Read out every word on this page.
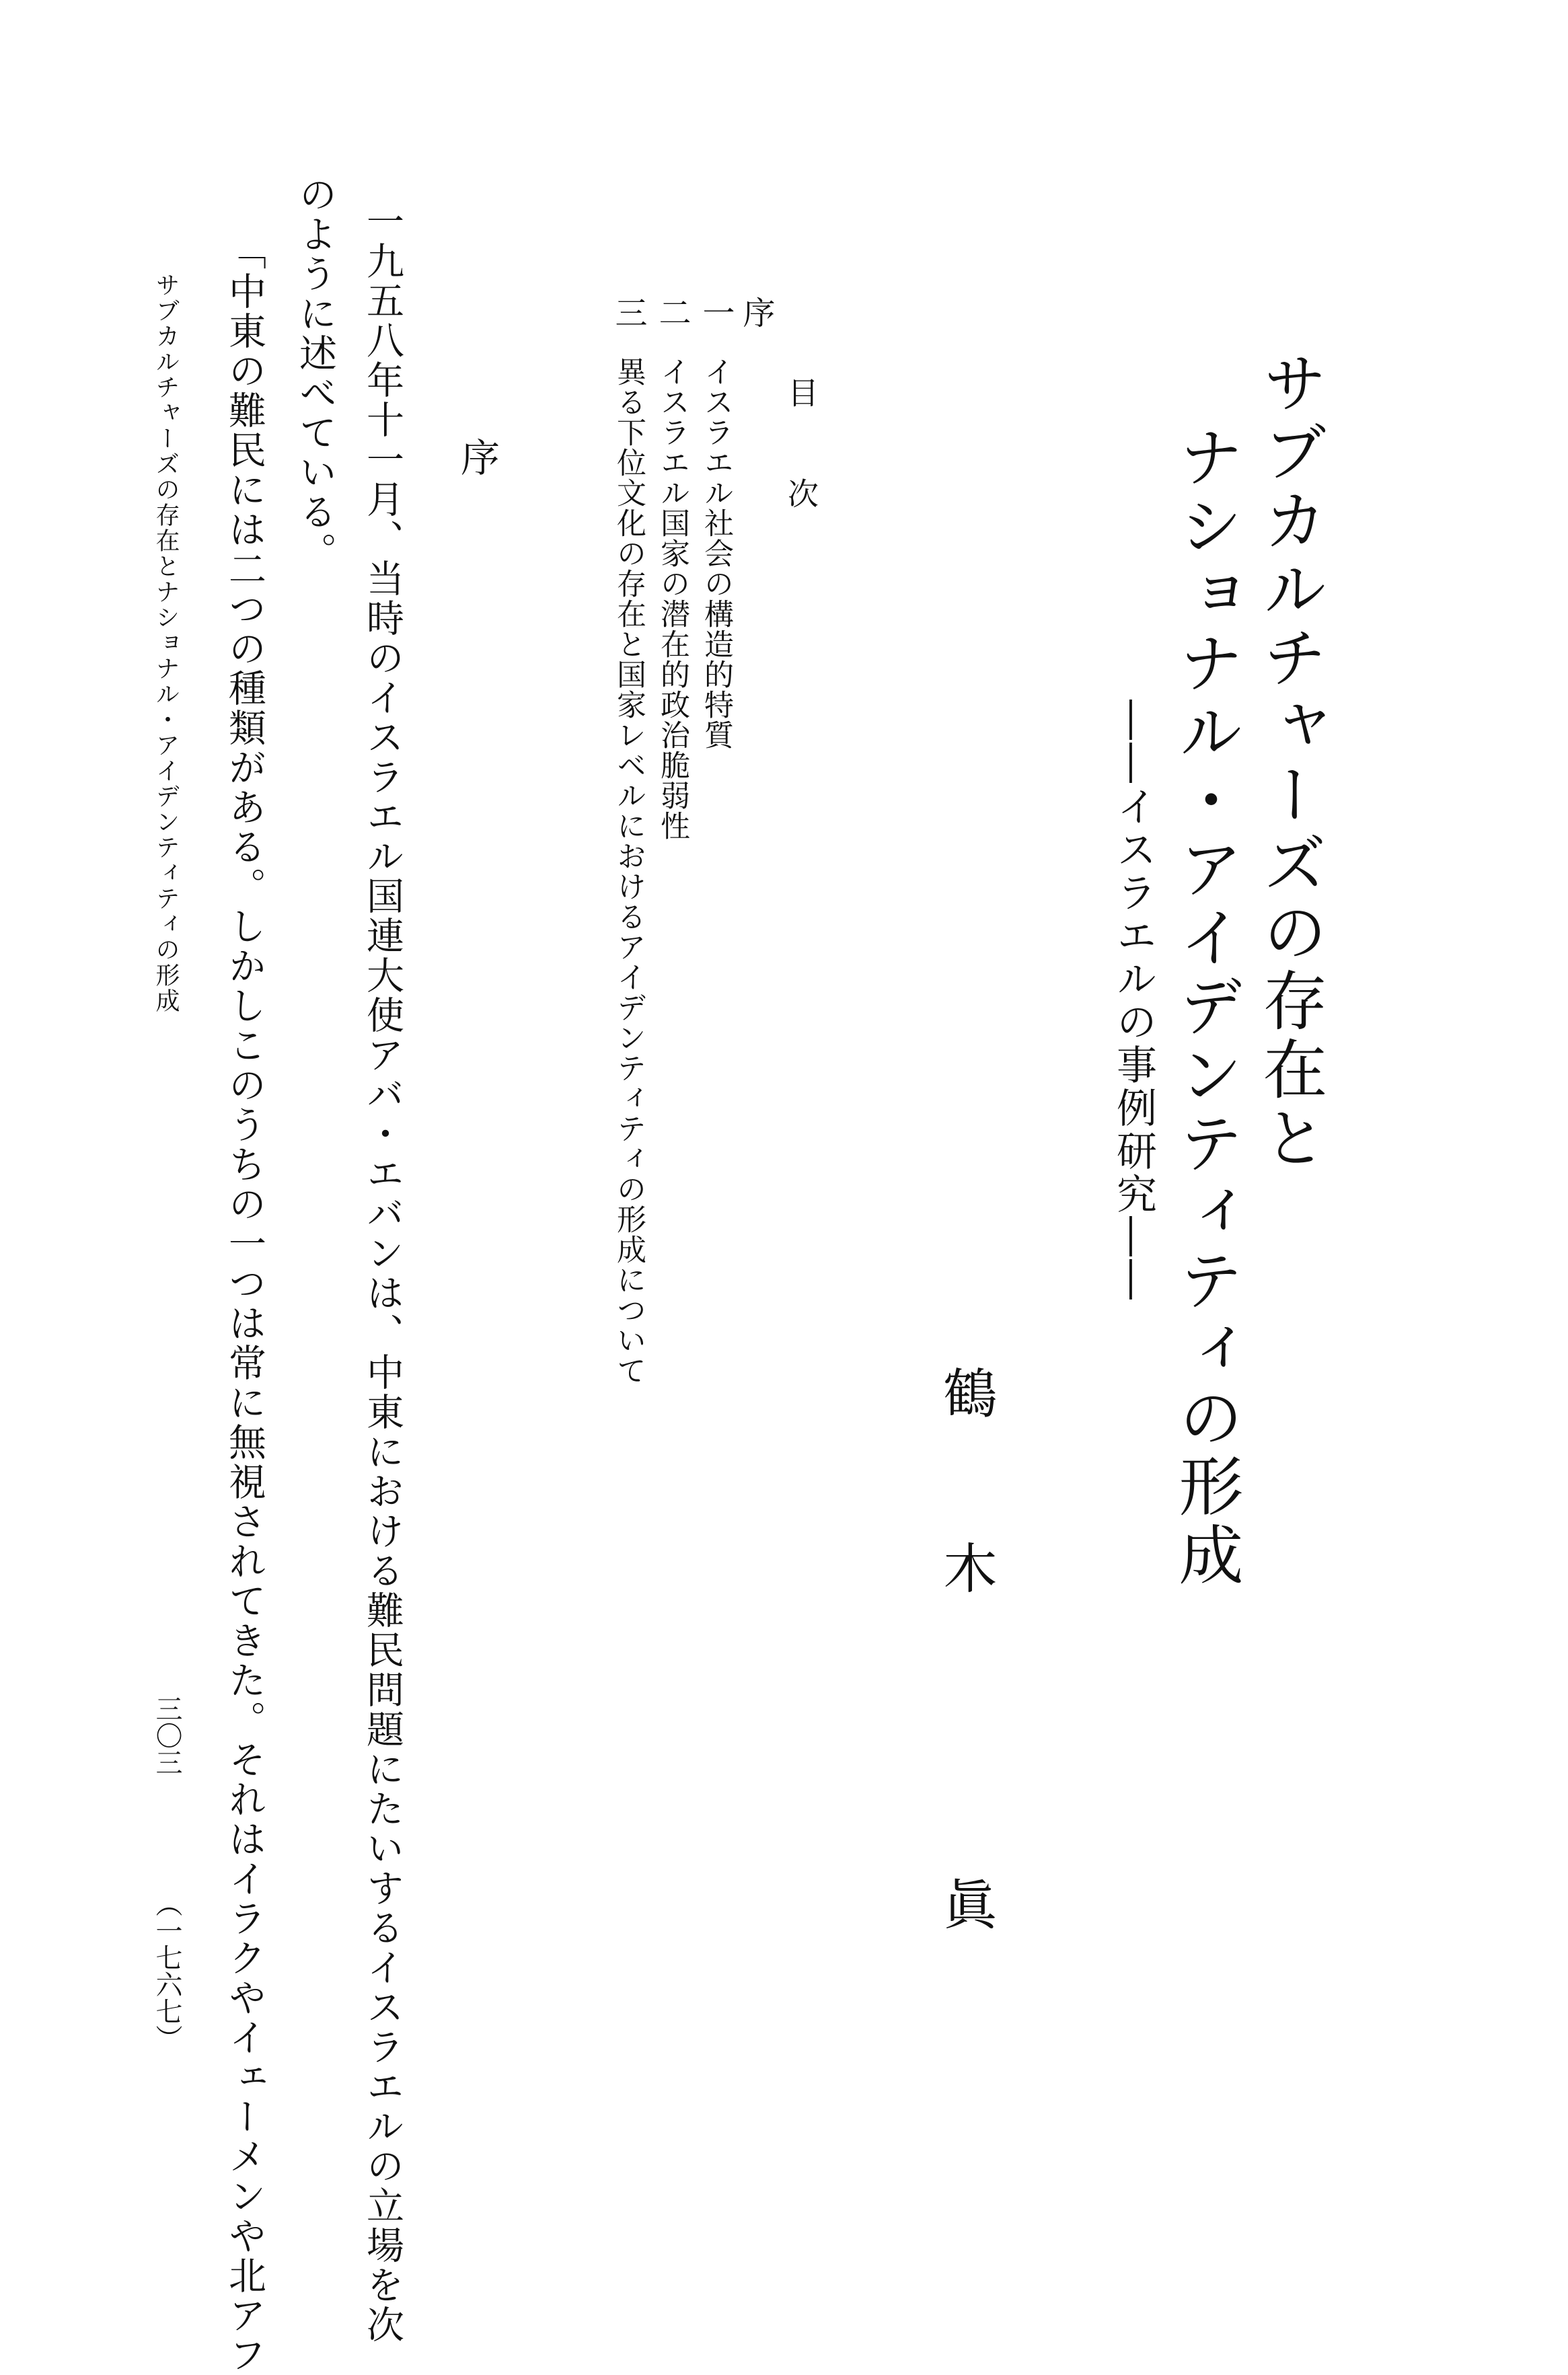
サブカルチャーズの存在と
ナショナル・アイデンティティの形成
――イスラエルの事例研究――
鶴
木
眞
目
次
序
一
イスラエル社会の構造的特質
二
イスラエル国家の潜在的政治脆弱性
三
異る下位文化の存在と国家レベルにおけるアイデンティティの形成について
序
一九五八年十一月、当時のイスラエル国連大使アバ・エバンは、中東における難民問題にたいするイスラエルの立場を次
のように述べている。
「中東の難民には二つの種類がある。しかしこのうちの一つは常に無視されてきた。それはイラクやイェーメンや北アフ
サブカルチャーズの存在とナショナル・アイデンティティの形成
三〇三
（一七六七）
